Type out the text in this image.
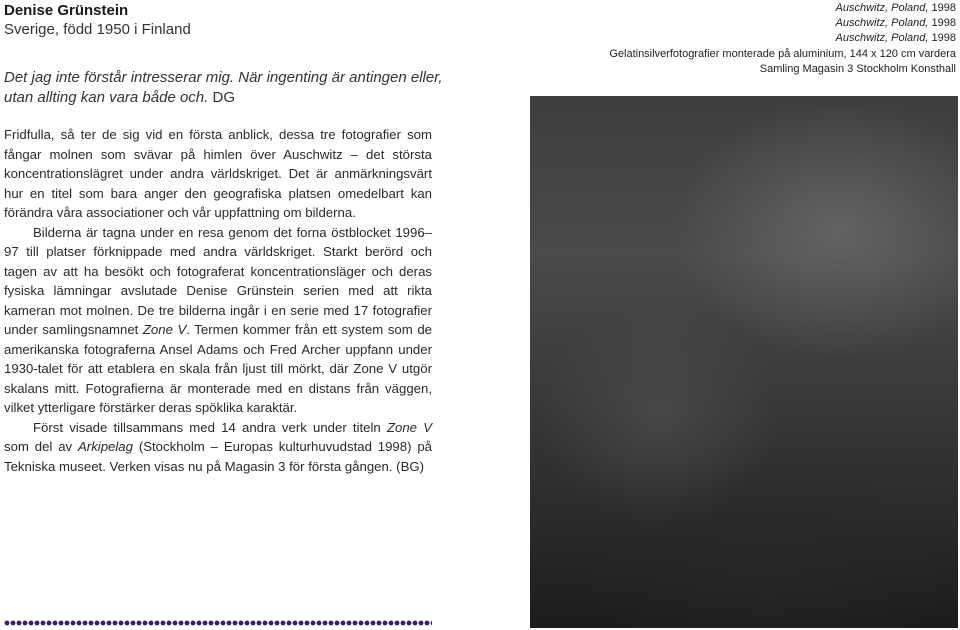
Denise Grünstein
Sverige, född 1950 i Finland
Det jag inte förstår intresserar mig. När ingenting är antingen eller, utan allting kan vara både och. DG
Auschwitz, Poland, 1998
Auschwitz, Poland, 1998
Auschwitz, Poland, 1998
Gelatinsilverfotografier monterade på aluminium, 144 x 120 cm vardera
Samling Magasin 3 Stockholm Konsthall

Fridfulla, så ter de sig vid en första anblick, dessa tre fotografier som fångar molnen som svävar på himlen över Auschwitz – det största koncentrationslägret under andra världskriget. Det är anmärkningsvärt hur en titel som bara anger den geografiska platsen omedelbart kan förändra våra associationer och vår uppfattning om bilderna.

Bilderna är tagna under en resa genom det forna östblocket 1996–97 till platser förknippade med andra världskriget. Starkt berörd och tagen av att ha besökt och fotograferat koncentrationsläger och deras fysiska lämningar avslutade Denise Grünstein serien med att rikta kameran mot molnen. De tre bilderna ingår i en serie med 17 fotografier under samlingsnamnet Zone V. Termen kommer från ett system som de amerikanska fotograferna Ansel Adams och Fred Archer uppfann under 1930-talet för att etablera en skala från ljust till mörkt, där Zone V utgör skalans mitt. Fotografierna är monterade med en distans från väggen, vilket ytterligare förstärker deras spöklika karaktär.

Först visade tillsammans med 14 andra verk under titeln Zone V som del av Arkipelag (Stockholm – Europas kulturhuvudstad 1998) på Tekniska museet. Verken visas nu på Magasin 3 för första gången. (BG)
